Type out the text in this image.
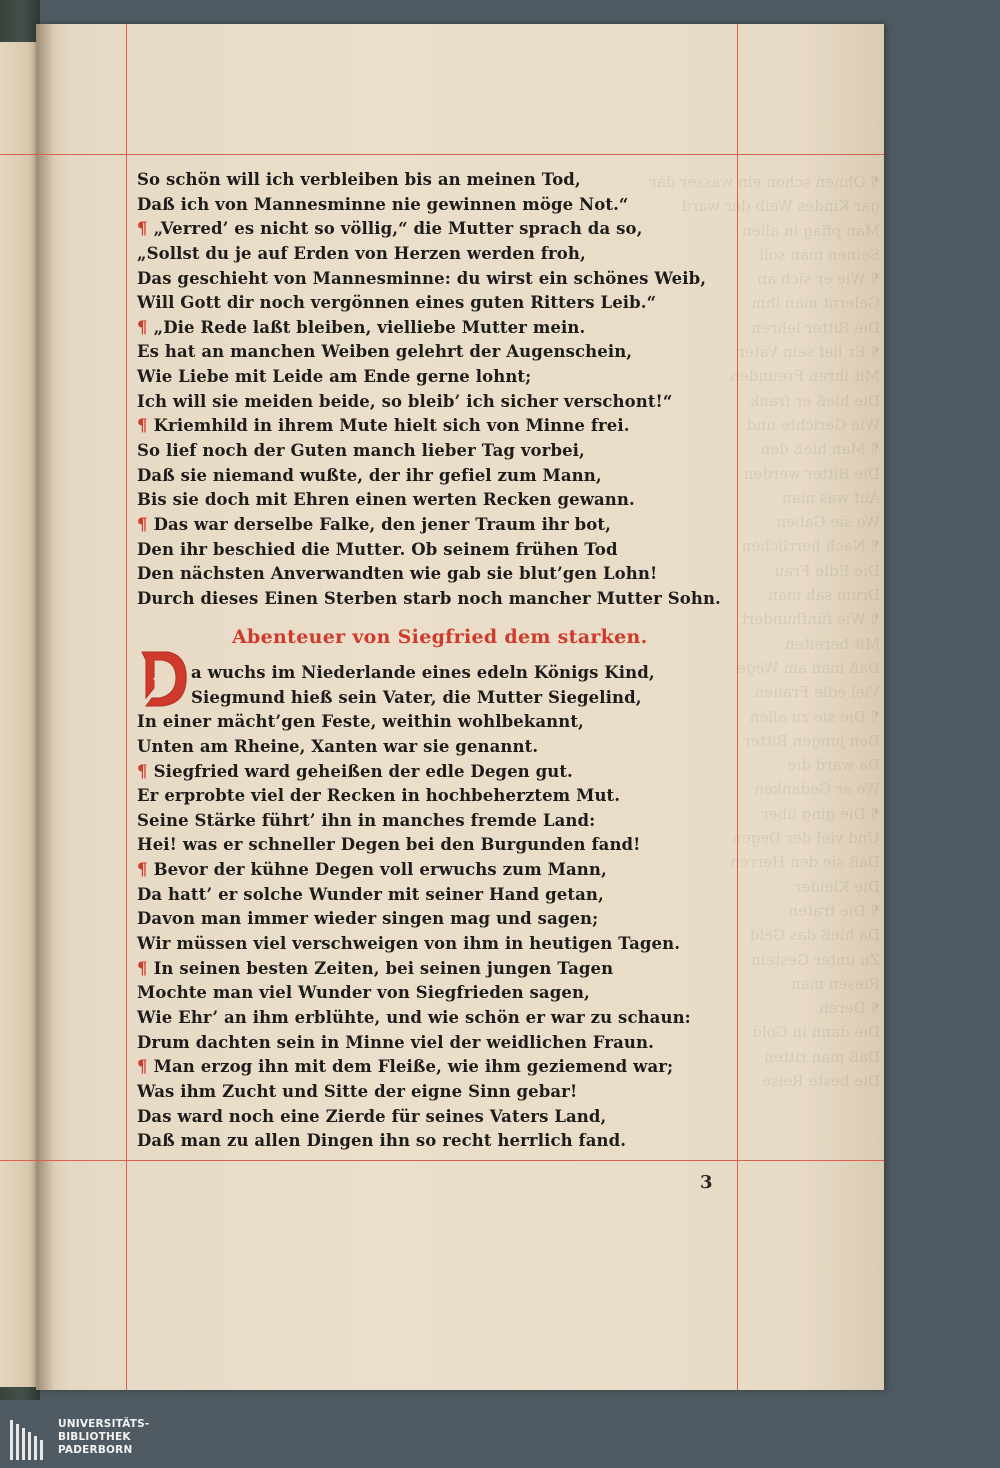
¶ Ohnen schon ein wasser dar
gar Kindes Weib der ward
Man pflag in allen
Seinen man soll
¶ Wie er sich an
Gelernt man ihm
Die Ritter lehren
¶ Er lief sein Vater
Mit ihren Freunden
Die hieß er frank
Wie Gerichte und
¶ Man hieß den
Die Bitter werden
Auf was man
Wo sie Gaben
¶ Nach herrlichen
Die Edle Frau
Drum sah man
¶ Wie fünfhundert
Mit bereiten
Daß man am Wege
Viel edle Frauen
¶ Die sie zu allen
Den jungen Ritter
Da ward die
Wo er Gedanken
¶ Die ging über
Und viel der Degen
Daß sie den Herren
Die Kleider
¶ Die traten
Da hieß das Geld
Zu unter Gestein
Riesen man
¶ Deren
Die dann in Gold
Daß man ritten
Die beste Reise
So schön will ich verbleiben bis an meinen Tod,
Daß ich von Mannesminne nie gewinnen möge Not.“
¶ „Verred’ es nicht so völlig,“ die Mutter sprach da so,
„Sollst du je auf Erden von Herzen werden froh,
Das geschieht von Mannesminne: du wirst ein schönes Weib,
Will Gott dir noch vergönnen eines guten Ritters Leib.“
¶ „Die Rede laßt bleiben, vielliebe Mutter mein.
Es hat an manchen Weiben gelehrt der Augenschein,
Wie Liebe mit Leide am Ende gerne lohnt;
Ich will sie meiden beide, so bleib’ ich sicher verschont!“
¶ Kriemhild in ihrem Mute hielt sich von Minne frei.
So lief noch der Guten manch lieber Tag vorbei,
Daß sie niemand wußte, der ihr gefiel zum Mann,
Bis sie doch mit Ehren einen werten Recken gewann.
¶ Das war derselbe Falke, den jener Traum ihr bot,
Den ihr beschied die Mutter. Ob seinem frühen Tod
Den nächsten Anverwandten wie gab sie blut’gen Lohn!
Durch dieses Einen Sterben starb noch mancher Mutter Sohn.
Abenteuer von Siegfried dem starken.
a wuchs im Niederlande eines edeln Königs Kind,
Siegmund hieß sein Vater, die Mutter Siegelind,
In einer mächt’gen Feste, weithin wohlbekannt,
Unten am Rheine, Xanten war sie genannt.
¶ Siegfried ward geheißen der edle Degen gut.
Er erprobte viel der Recken in hochbeherztem Mut.
Seine Stärke führt’ ihn in manches fremde Land:
Hei! was er schneller Degen bei den Burgunden fand!
¶ Bevor der kühne Degen voll erwuchs zum Mann,
Da hatt’ er solche Wunder mit seiner Hand getan,
Davon man immer wieder singen mag und sagen;
Wir müssen viel verschweigen von ihm in heutigen Tagen.
¶ In seinen besten Zeiten, bei seinen jungen Tagen
Mochte man viel Wunder von Siegfrieden sagen,
Wie Ehr’ an ihm erblühte, und wie schön er war zu schaun:
Drum dachten sein in Minne viel der weidlichen Fraun.
¶ Man erzog ihn mit dem Fleiße, wie ihm geziemend war;
Was ihm Zucht und Sitte der eigne Sinn gebar!
Das ward noch eine Zierde für seines Vaters Land,
Daß man zu allen Dingen ihn so recht herrlich fand.
3
UNIVERSITÄTS-
BIBLIOTHEK
PADERBORN
